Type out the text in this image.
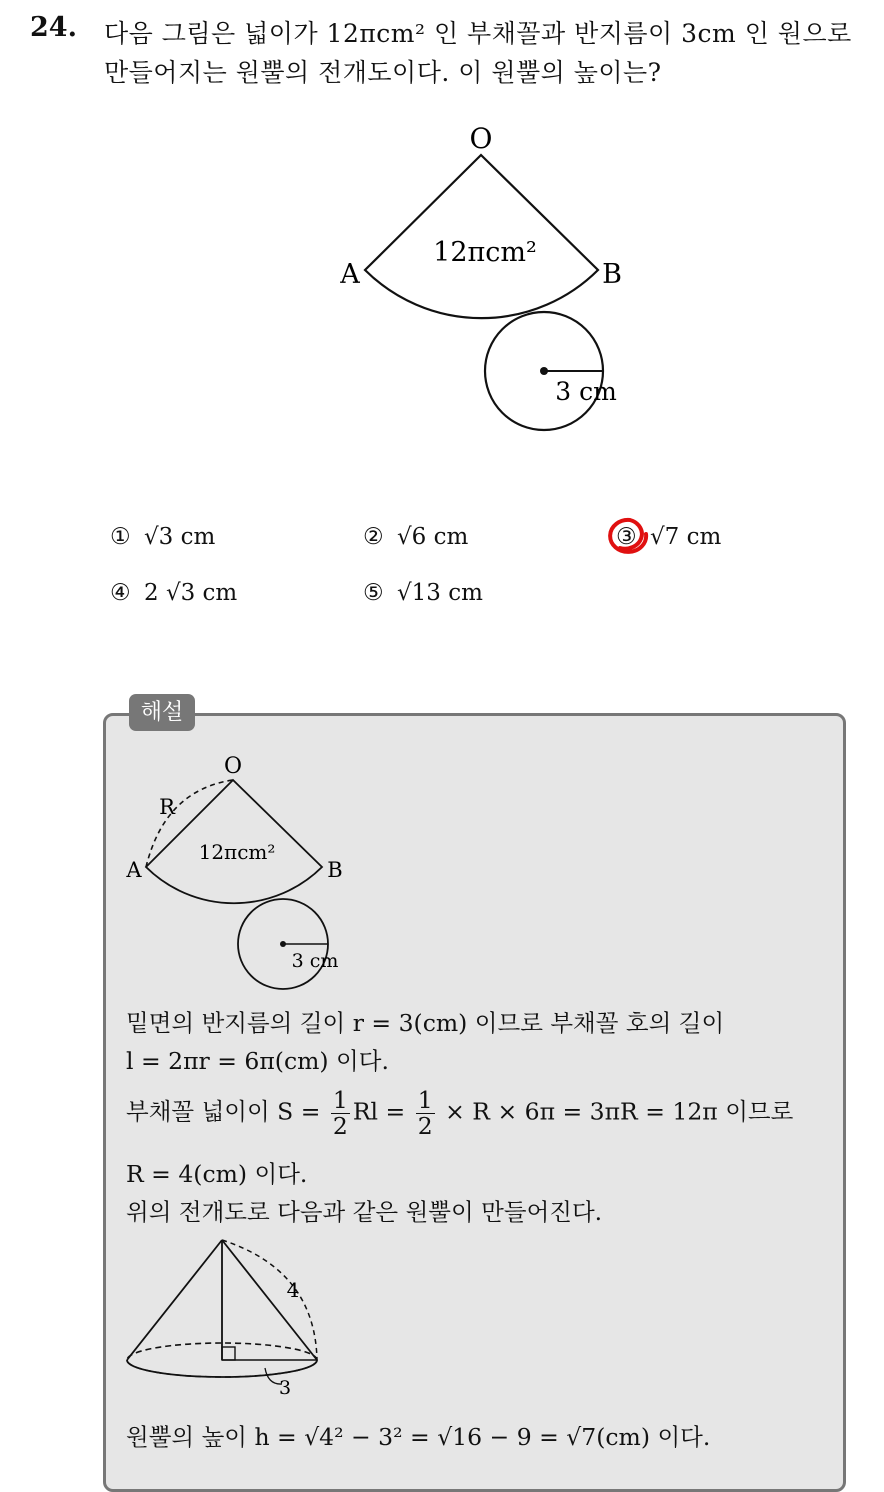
24. 다음 그림은 넓이가 12πcm² 인 부채꼴과 반지름이 3cm 인 원으로
만들어지는 원뿔의 전개도이다. 이 원뿔의 높이는?
O
A	B
12πcm²
3 cm
① √3 cm	② √6 cm	③ √7 cm
④ 2 √3 cm	⑤ √13 cm
해설
O
R
A	B
12πcm²
3 cm
밑면의 반지름의 길이 r = 3(cm) 이므로 부채꼴 호의 길이
l = 2πr = 6π(cm) 이다.
부채꼴 넓이이 $S = \frac{1}{2}$ $Rl = \frac{1}{2} \times R \times 6\pi = 3\pi R = 12\pi$ 이므로
R = 4(cm) 이다.
위의 전개도로 다음과 같은 원뿔이 만들어진다.
4
3
원뿔의 높이 h = √4² − 3² = √16 − 9 = √7(cm) 이다.
